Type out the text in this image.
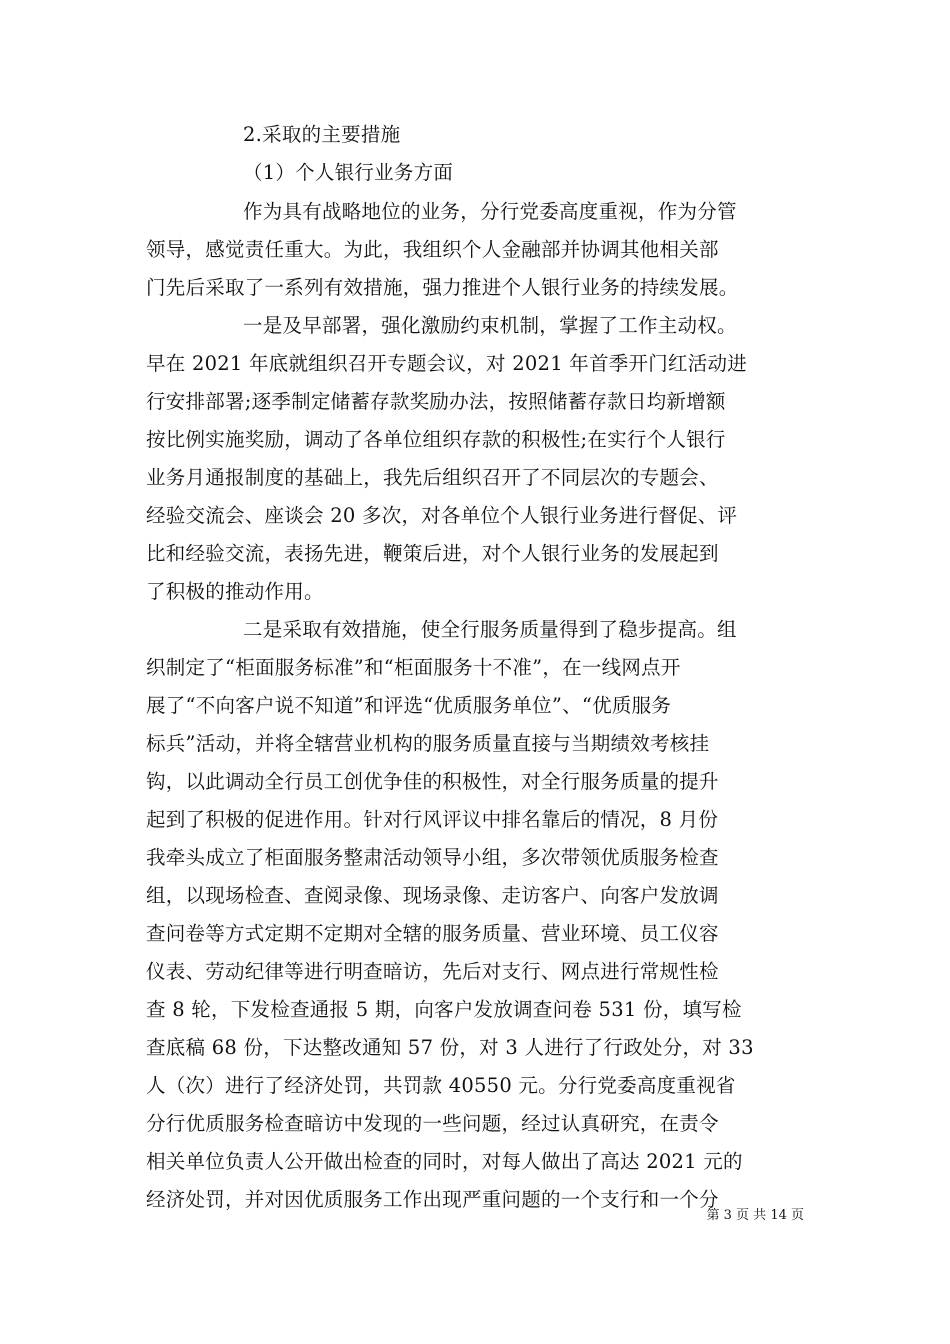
2.采取的主要措施

（1）个人银行业务方面

作为具有战略地位的业务，分行党委高度重视，作为分管

领导，感觉责任重大。为此，我组织个人金融部并协调其他相关部

门先后采取了一系列有效措施，强力推进个人银行业务的持续发展。

一是及早部署，强化激励约束机制，掌握了工作主动权。

早在 2021 年底就组织召开专题会议，对 2021 年首季开门红活动进

行安排部署;逐季制定储蓄存款奖励办法，按照储蓄存款日均新增额

按比例实施奖励，调动了各单位组织存款的积极性;在实行个人银行

业务月通报制度的基础上，我先后组织召开了不同层次的专题会、

经验交流会、座谈会 20 多次，对各单位个人银行业务进行督促、评

比和经验交流，表扬先进，鞭策后进，对个人银行业务的发展起到

了积极的推动作用。

二是采取有效措施，使全行服务质量得到了稳步提高。组

织制定了“柜面服务标准”和“柜面服务十不准”，在一线网点开

展了“不向客户说不知道”和评选“优质服务单位”、“优质服务

标兵”活动，并将全辖营业机构的服务质量直接与当期绩效考核挂

钩，以此调动全行员工创优争佳的积极性，对全行服务质量的提升

起到了积极的促进作用。针对行风评议中排名靠后的情况，8 月份

我牵头成立了柜面服务整肃活动领导小组，多次带领优质服务检查

组，以现场检查、查阅录像、现场录像、走访客户、向客户发放调

查问卷等方式定期不定期对全辖的服务质量、营业环境、员工仪容

仪表、劳动纪律等进行明查暗访，先后对支行、网点进行常规性检

查 8 轮，下发检查通报 5 期，向客户发放调查问卷 531 份，填写检

查底稿 68 份，下达整改通知 57 份，对 3 人进行了行政处分，对 33

人（次）进行了经济处罚，共罚款 40550 元。分行党委高度重视省

分行优质服务检查暗访中发现的一些问题，经过认真研究，在责令

相关单位负责人公开做出检查的同时，对每人做出了高达 2021 元的

经济处罚，并对因优质服务工作出现严重问题的一个支行和一个分

第 3 页 共 14 页
